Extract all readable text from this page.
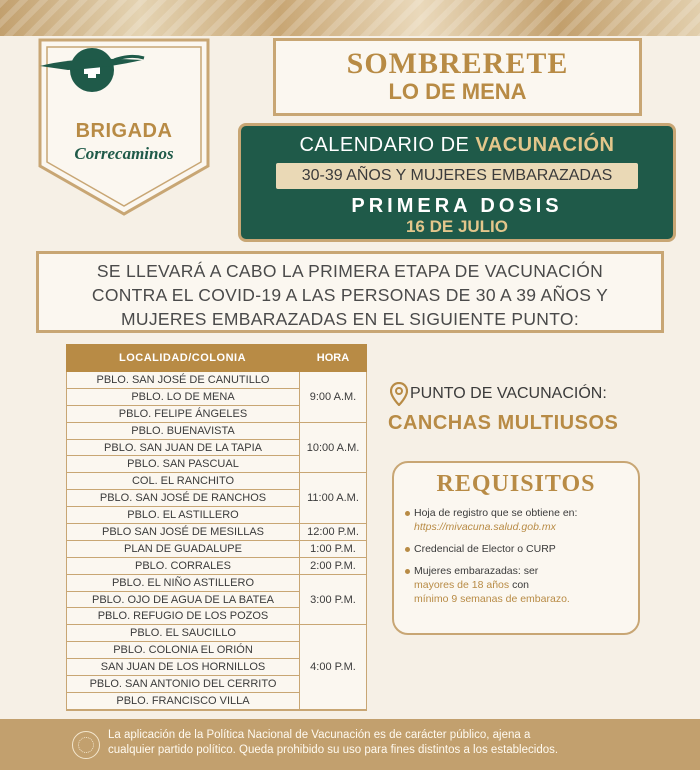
BRIGADA
Correcaminos
SOMBRERETE
LO DE MENA
CALENDARIO DE VACUNACIÓN
30-39 AÑOS Y MUJERES EMBARAZADAS
PRIMERA DOSIS
16 DE JULIO
SE LLEVARÁ A CABO LA PRIMERA ETAPA DE VACUNACIÓN
CONTRA EL COVID-19 A LAS PERSONAS DE 30 A 39 AÑOS Y
MUJERES EMBARAZADAS EN EL SIGUIENTE PUNTO:
LOCALIDAD/COLONIA	HORA
PBLO. SAN JOSÉ DE CANUTILLO
PBLO. LO DE MENA
PBLO. FELIPE ÁNGELES
PBLO. BUENAVISTA
PBLO. SAN JUAN DE LA TAPIA
PBLO. SAN PASCUAL
COL. EL RANCHITO
PBLO. SAN JOSÉ DE RANCHOS
PBLO. EL ASTILLERO
PBLO SAN JOSÉ DE MESILLAS
PLAN DE GUADALUPE
PBLO. CORRALES
PBLO. EL NIÑO ASTILLERO
PBLO. OJO DE AGUA DE LA BATEA
PBLO. REFUGIO DE LOS POZOS
PBLO. EL SAUCILLO
PBLO. COLONIA EL ORIÓN
SAN JUAN DE LOS HORNILLOS
PBLO. SAN ANTONIO DEL CERRITO
PBLO. FRANCISCO VILLA
9:00 A.M.
10:00 A.M.
11:00 A.M.
12:00 P.M.
1:00 P.M.
2:00 P.M.
3:00 P.M.
4:00 P.M.
PUNTO DE VACUNACIÓN:
CANCHAS MULTIUSOS
REQUISITOS
Hoja de registro que se obtiene en: https://mivacuna.salud.gob.mx
Credencial de Elector o CURP
Mujeres embarazadas: ser
mayores de 18 años con
mínimo 9 semanas de embarazo.
La aplicación de la Política Nacional de Vacunación es de carácter público, ajena a
cualquier partido político. Queda prohibido su uso para fines distintos a los establecidos.
